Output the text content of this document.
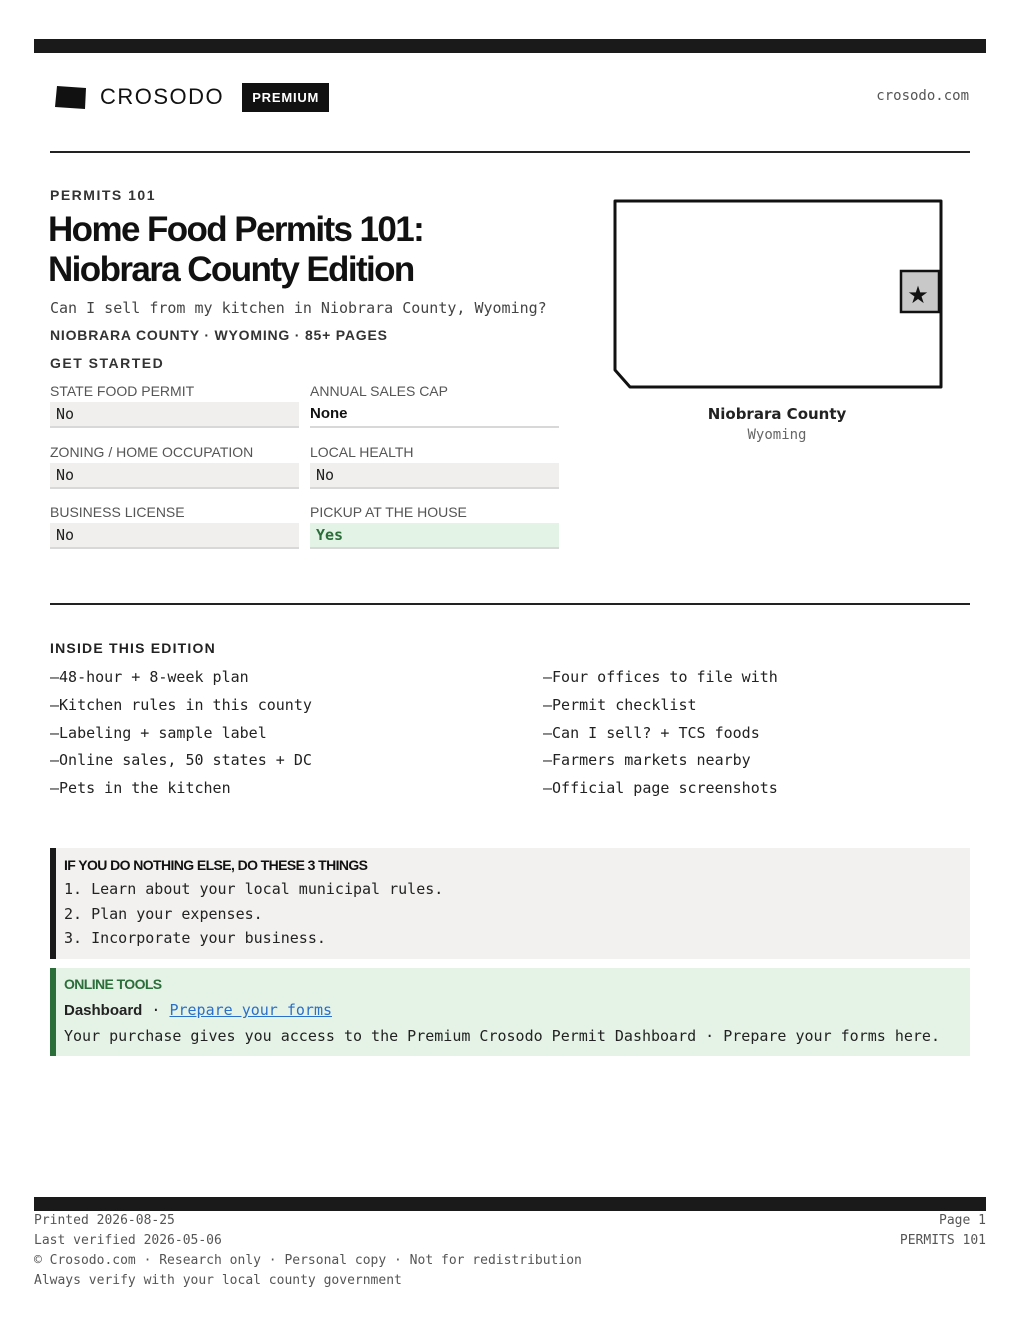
CROSODO	PREMIUM	crosodo.com
PERMITS 101
Home Food Permits 101:
Niobrara County Edition
Can I sell from my kitchen in Niobrara County, Wyoming?
NIOBRARA COUNTY · WYOMING · 85+ PAGES
GET STARTED
STATE FOOD PERMIT
No
ANNUAL SALES CAP
None
ZONING / HOME OCCUPATION
No
LOCAL HEALTH
No
BUSINESS LICENSE
No
PICKUP AT THE HOUSE
Yes
★
Niobrara County
Wyoming
INSIDE THIS EDITION
—48-hour + 8-week plan
—Kitchen rules in this county
—Labeling + sample label
—Online sales, 50 states + DC
—Pets in the kitchen
—Four offices to file with
—Permit checklist
—Can I sell? + TCS foods
—Farmers markets nearby
—Official page screenshots
IF YOU DO NOTHING ELSE, DO THESE 3 THINGS
1. Learn about your local municipal rules.
2. Plan your expenses.
3. Incorporate your business.
ONLINE TOOLS
Dashboard · Prepare your forms
Your purchase gives you access to the Premium Crosodo Permit Dashboard · Prepare your forms here.
Printed 2026-08-25
Last verified 2026-05-06
© Crosodo.com · Research only · Personal copy · Not for redistribution
Always verify with your local county government
Page 1
PERMITS 101
